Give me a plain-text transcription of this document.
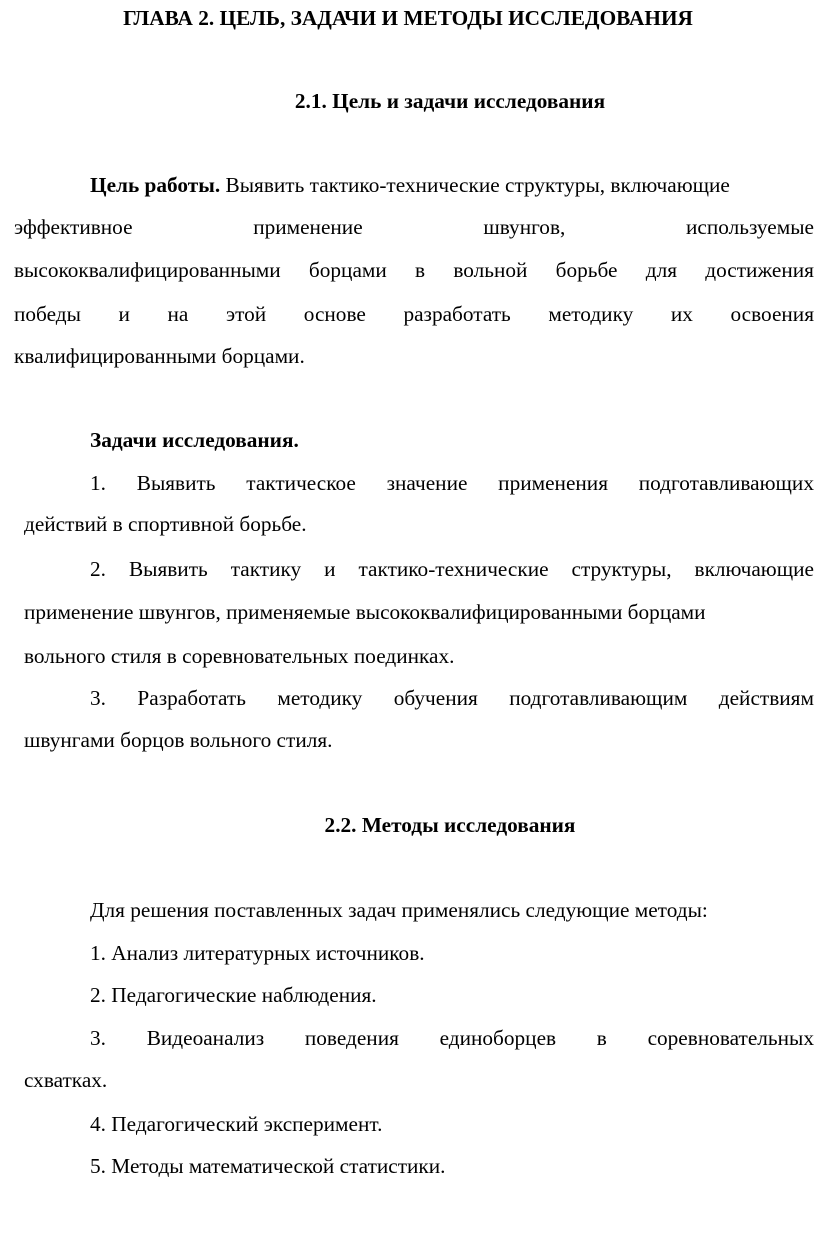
ГЛАВА 2. ЦЕЛЬ, ЗАДАЧИ И МЕТОДЫ ИССЛЕДОВАНИЯ
2.1. Цель и задачи исследования
Цель работы. Выявить тактико-технические структуры, включающие
эффективное	применение	швунгов,	используемые
высококвалифицированными борцами в вольной борьбе для достижения
победы и на этой основе разработать методику их освоения
квалифицированными борцами.
Задачи исследования.
1. Выявить тактическое значение применения подготавливающих
действий в спортивной борьбе.
2. Выявить тактику и тактико-технические структуры, включающие
применение швунгов, применяемые высококвалифицированными борцами
вольного стиля в соревновательных поединках.
3. Разработать методику обучения подготавливающим действиям
швунгами борцов вольного стиля.
2.2. Методы исследования
Для решения поставленных задач применялись следующие методы:
1. Анализ литературных источников.
2. Педагогические наблюдения.
3. Видеоанализ поведения единоборцев в соревновательных
схватках.
4. Педагогический эксперимент.
5. Методы математической статистики.
